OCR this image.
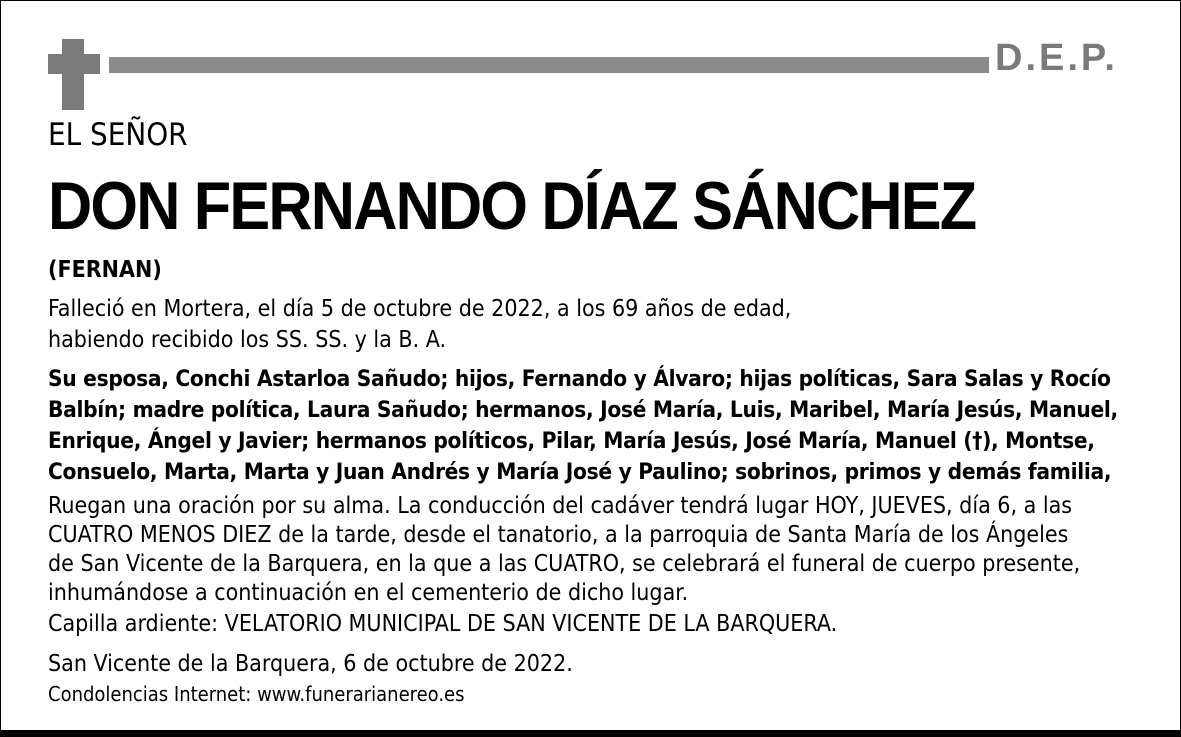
D.E.P.
EL SEÑOR
DON FERNANDO DÍAZ SÁNCHEZ
(FERNAN)
Falleció en Mortera, el día 5 de octubre de 2022, a los 69 años de edad,
habiendo recibido los SS. SS. y la B. A.
Su esposa, Conchi Astarloa Sañudo; hijos, Fernando y Álvaro; hijas políticas, Sara Salas y Rocío
Balbín; madre política, Laura Sañudo; hermanos, José María, Luis, Maribel, María Jesús, Manuel,
Enrique, Ángel y Javier; hermanos políticos, Pilar, María Jesús, José María, Manuel (†), Montse,
Consuelo, Marta, Marta y Juan Andrés y María José y Paulino; sobrinos, primos y demás familia,
Ruegan una oración por su alma. La conducción del cadáver tendrá lugar HOY, JUEVES, día 6, a las
CUATRO MENOS DIEZ de la tarde, desde el tanatorio, a la parroquia de Santa María de los Ángeles
de San Vicente de la Barquera, en la que a las CUATRO, se celebrará el funeral de cuerpo presente,
inhumándose a continuación en el cementerio de dicho lugar.
Capilla ardiente: VELATORIO MUNICIPAL DE SAN VICENTE DE LA BARQUERA.
San Vicente de la Barquera, 6 de octubre de 2022.
Condolencias Internet: www.funerarianereo.es
